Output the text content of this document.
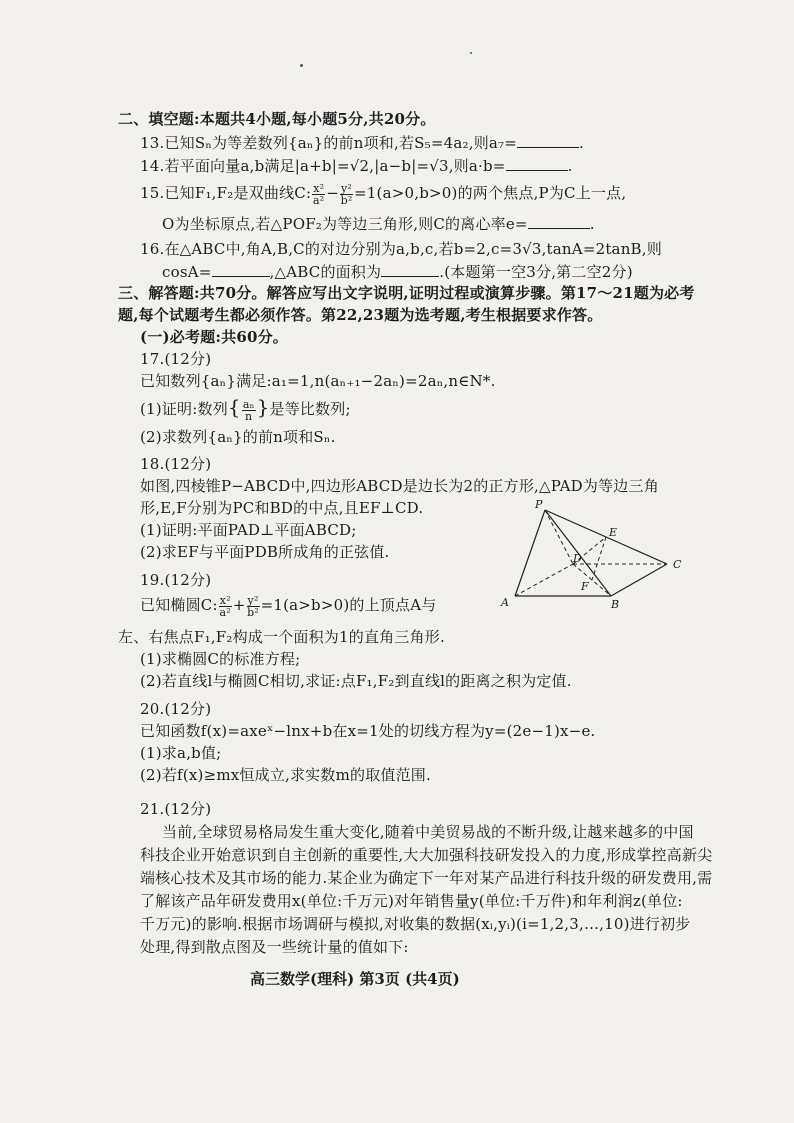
二、填空题:本题共4小题,每小题5分,共20分。
13.已知Sₙ为等差数列{aₙ}的前n项和,若S₅=4a₂,则a₇=	.
14.若平面向量a,b满足|a+b|=√2,|a−b|=√3,则a·b=	.
15.已知F₁,F₂是双曲线C: $\frac{\text{x²}}{\text{a²}} - \frac{\text{y²}}{\text{b²}} =1(a>0,b>0)$的两个焦点,P为C上一点,
O为坐标原点,若△POF₂为等边三角形,则C的离心率e=	.
16.在△ABC中,角A,B,C的对边分别为a,b,c,若b=2,c=3√3,tanA=2tanB,则
cosA=	,△ABC的面积为	.(本题第一空3分,第二空2分)
三、解答题:共70分。解答应写出文字说明,证明过程或演算步骤。第17～21题为必考
题,每个试题考生都必须作答。第22,23题为选考题,考生根据要求作答。
(一)必考题:共60分。
17.(12分)
已知数列{aₙ}满足:a₁=1,n(aₙ₊₁−2aₙ)=2aₙ,n∈N*.
(1)证明:数列{ $\frac{\text{aₙ}}{n}$ }是等比数列;
(2)求数列{aₙ}的前n项和Sₙ.
18.(12分)
如图,四棱锥P−ABCD中,四边形ABCD是边长为2的正方形,△PAD为等边三角
形,E,F分别为PC和BD的中点,且EF⊥CD.
(1)证明:平面PAD⊥平面ABCD;
(2)求EF与平面PDB所成角的正弦值.
P
E
D	C
F
A	B
19.(12分)
已知椭圆C: $\frac{\text{x²}}{\text{a²}} + \frac{\text{y²}}{\text{b²}} =1(a>b>0)$的上顶点A与
左、右焦点F₁,F₂构成一个面积为1的直角三角形.
(1)求椭圆C的标准方程;
(2)若直线l与椭圆C相切,求证:点F₁,F₂到直线l的距离之积为定值.
20.(12分)
已知函数f(x)=axeˣ−lnx+b在x=1处的切线方程为y=(2e−1)x−e.
(1)求a,b值;
(2)若f(x)≥mx恒成立,求实数m的取值范围.
21.(12分)
当前,全球贸易格局发生重大变化,随着中美贸易战的不断升级,让越来越多的中国
科技企业开始意识到自主创新的重要性,大大加强科技研发投入的力度,形成掌控高新尖
端核心技术及其市场的能力.某企业为确定下一年对某产品进行科技升级的研发费用,需
了解该产品年研发费用x(单位:千万元)对年销售量y(单位:千万件)和年利润z(单位:
千万元)的影响.根据市场调研与模拟,对收集的数据(xᵢ,yᵢ)(i=1,2,3,…,10)进行初步
处理,得到散点图及一些统计量的值如下:
高三数学(理科) 第3页 (共4页)
